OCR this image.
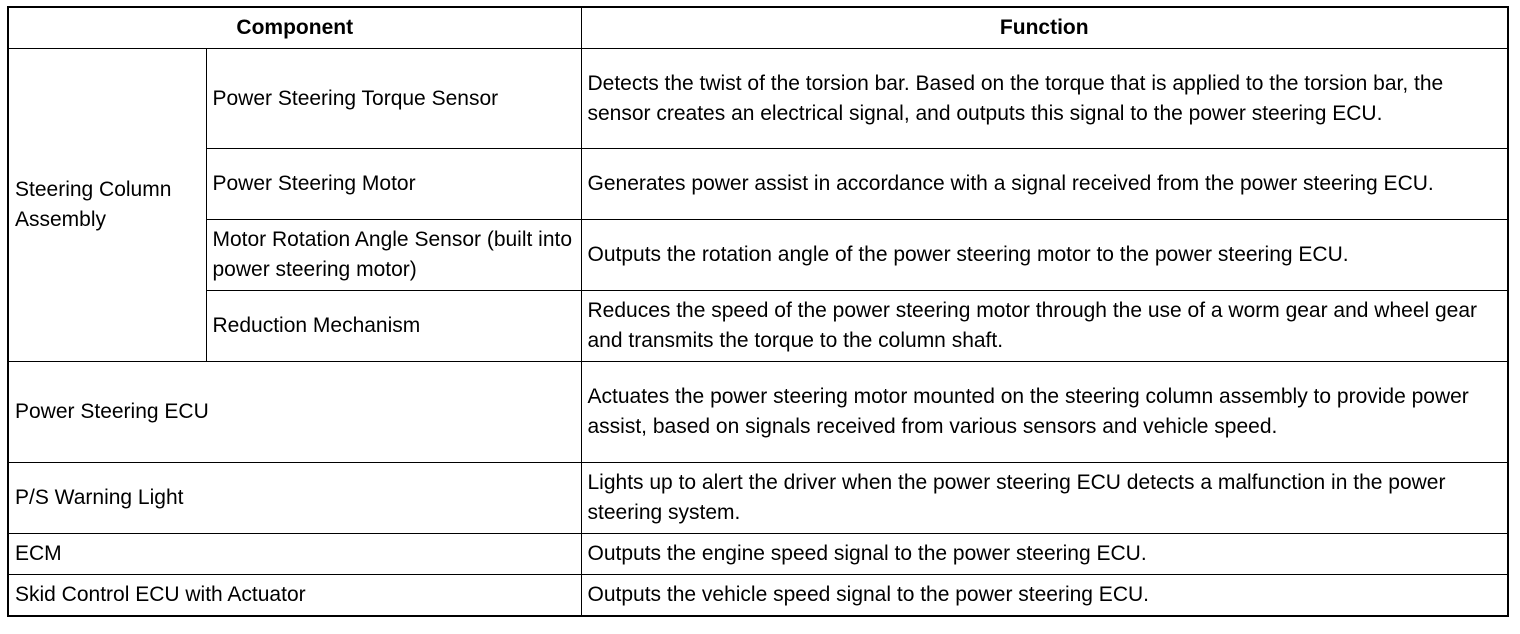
Component		Function
Steering Column Assembly	Power Steering Torque Sensor	Detects the twist of the torsion bar. Based on the torque that is applied to the torsion bar, the sensor creates an electrical signal, and outputs this signal to the power steering ECU.
	Power Steering Motor	Generates power assist in accordance with a signal received from the power steering ECU.
	Motor Rotation Angle Sensor (built into power steering motor)	Outputs the rotation angle of the power steering motor to the power steering ECU.
	Reduction Mechanism	Reduces the speed of the power steering motor through the use of a worm gear and wheel gear and transmits the torque to the column shaft.
Power Steering ECU		Actuates the power steering motor mounted on the steering column assembly to provide power assist, based on signals received from various sensors and vehicle speed.
P/S Warning Light		Lights up to alert the driver when the power steering ECU detects a malfunction in the power steering system.
ECM		Outputs the engine speed signal to the power steering ECU.
Skid Control ECU with Actuator		Outputs the vehicle speed signal to the power steering ECU.
